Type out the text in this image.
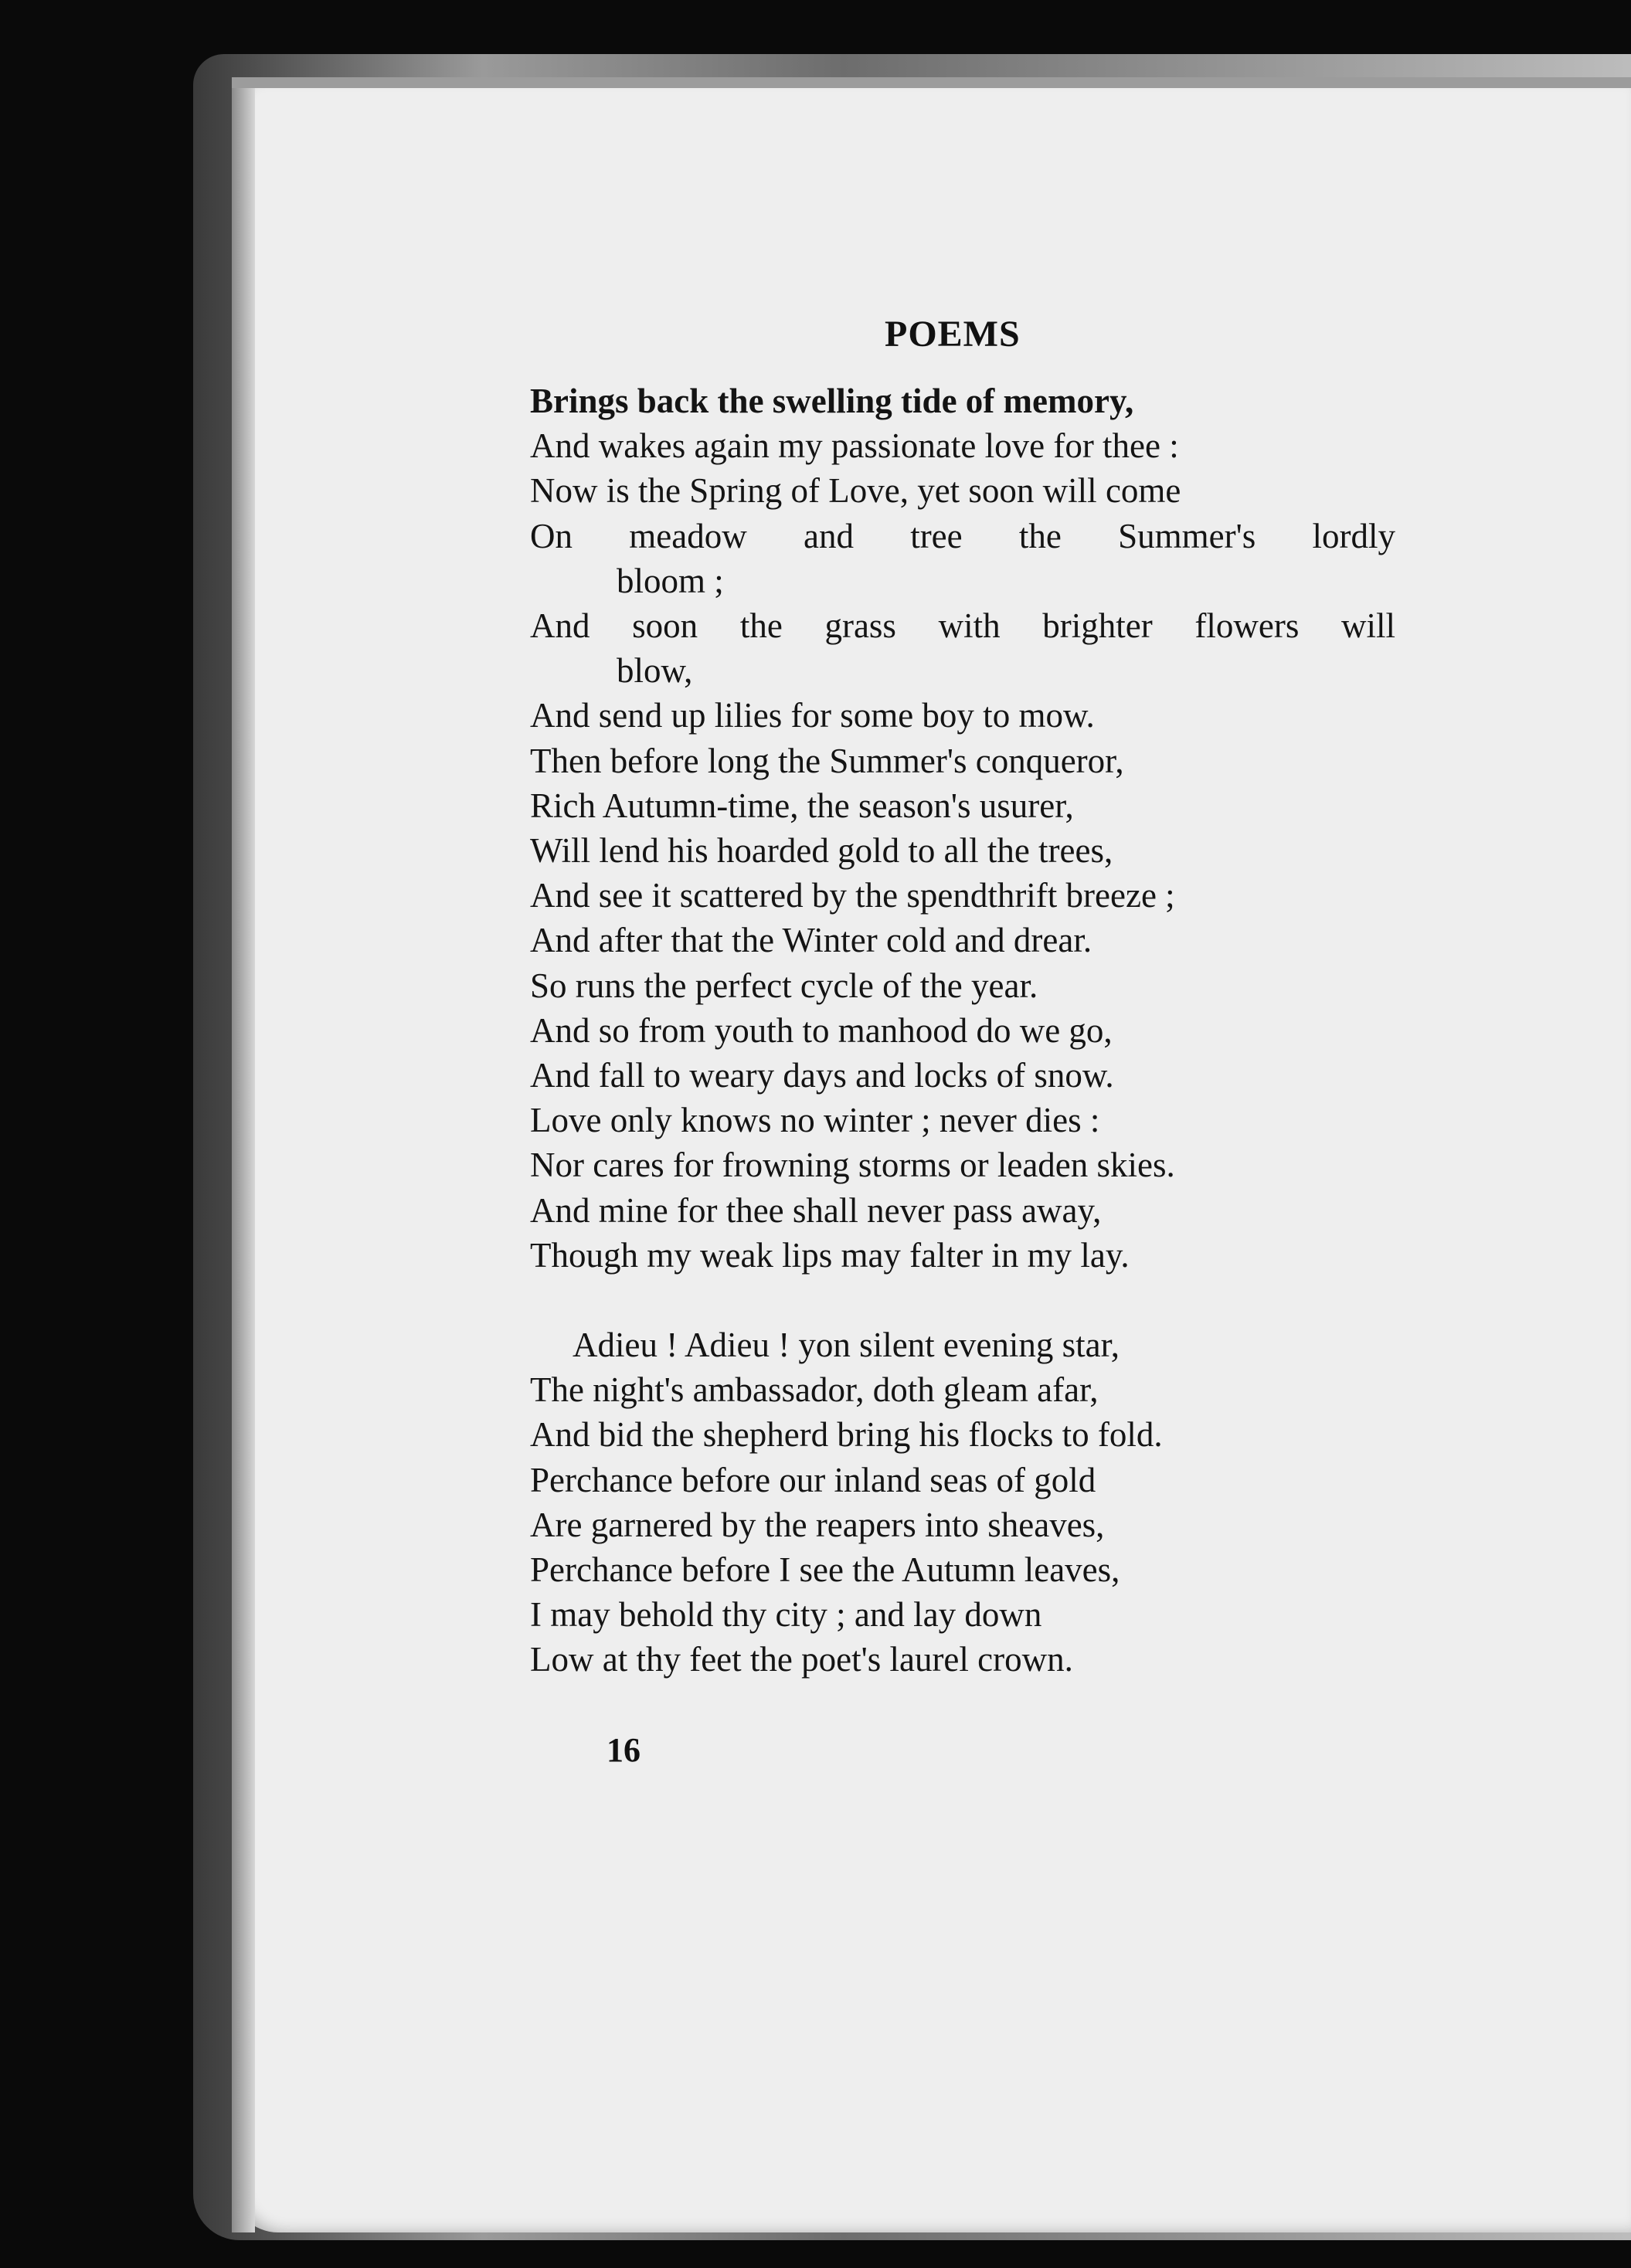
POEMS
Brings back the swelling tide of memory,
And wakes again my passionate love for thee :
Now is the Spring of Love, yet soon will come
On meadow and tree the Summer's lordly
bloom ;
And soon the grass with brighter flowers will
blow,
And send up lilies for some boy to mow.
Then before long the Summer's conqueror,
Rich Autumn-time, the season's usurer,
Will lend his hoarded gold to all the trees,
And see it scattered by the spendthrift breeze ;
And after that the Winter cold and drear.
So runs the perfect cycle of the year.
And so from youth to manhood do we go,
And fall to weary days and locks of snow.
Love only knows no winter ; never dies :
Nor cares for frowning storms or leaden skies.
And mine for thee shall never pass away,
Though my weak lips may falter in my lay.
Adieu ! Adieu ! yon silent evening star,
The night's ambassador, doth gleam afar,
And bid the shepherd bring his flocks to fold.
Perchance before our inland seas of gold
Are garnered by the reapers into sheaves,
Perchance before I see the Autumn leaves,
I may behold thy city ; and lay down
Low at thy feet the poet's laurel crown.
16
